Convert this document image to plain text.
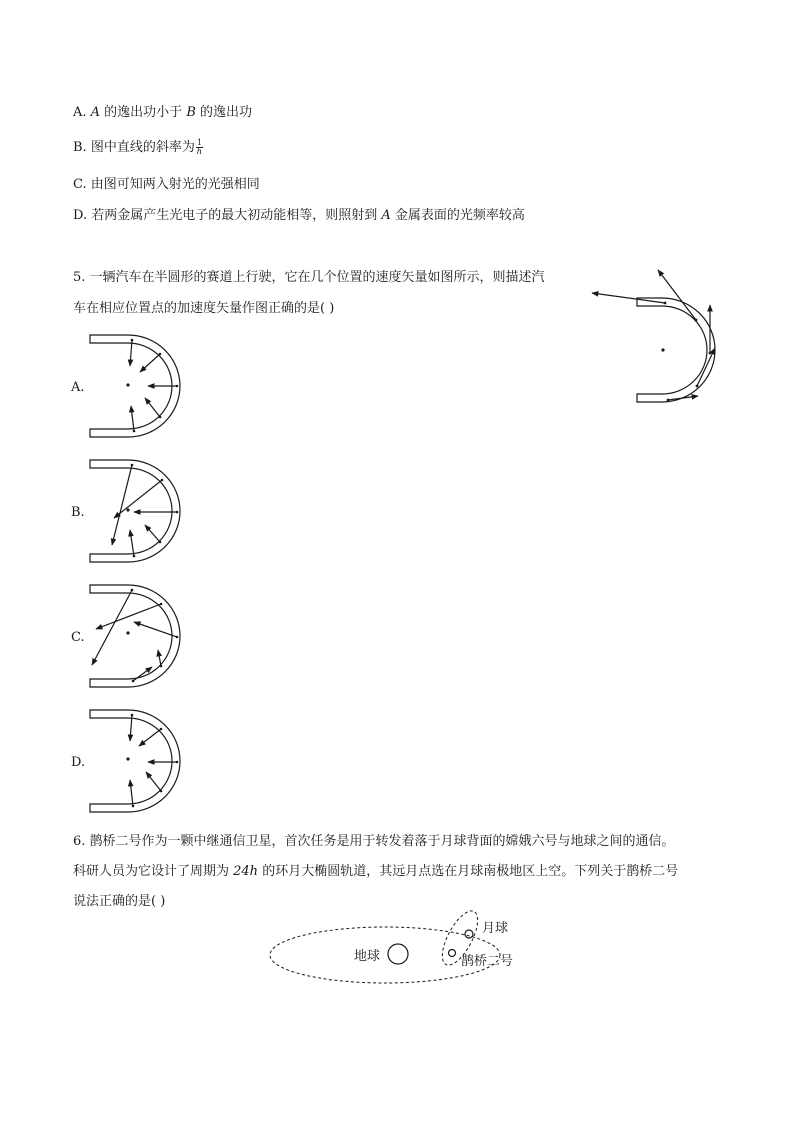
A. A 的逸出功小于 B 的逸出功
B. 图中直线的斜率为 $\frac{1}{h}$
C. 由图可知两入射光的光强相同
D. 若两金属产生光电子的最大初动能相等，则照射到 A 金属表面的光频率较高
5. 一辆汽车在半圆形的赛道上行驶，它在几个位置的速度矢量如图所示，则描述汽
车在相应位置点的加速度矢量作图正确的是( )
A.
B.
C.
D.
6. 鹊桥二号作为一颗中继通信卫星，首次任务是用于转发着落于月球背面的嫦娥六号与地球之间的通信。
科研人员为它设计了周期为 24h 的环月大椭圆轨道，其远月点选在月球南极地区上空。下列关于鹊桥二号
说法正确的是( )
地球
月球
鹊桥二号
